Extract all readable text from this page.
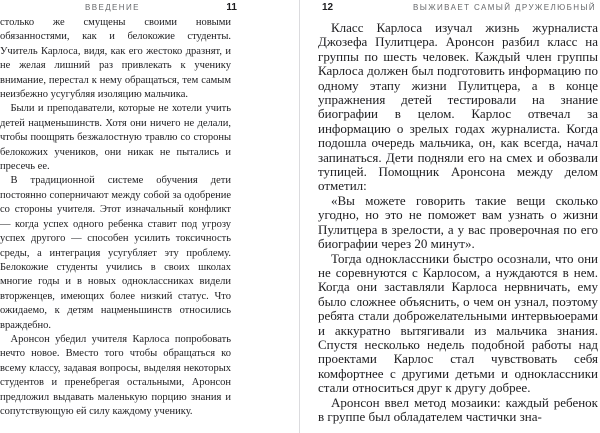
ВВЕДЕНИЕ	11

столько же смущены своими новыми обязанностями, как и белокожие студенты. Учитель Карлоса, видя, как его жестоко дразнят, и не желая лишний раз привлекать к ученику внимание, перестал к нему обращаться, тем самым неизбежно усугубляя изоляцию мальчика.

Были и преподаватели, которые не хотели учить детей нацменьшинств. Хотя они ничего не делали, чтобы поощрять безжалостную травлю со стороны белокожих учеников, они никак не пытались и пресечь ее.

В традиционной системе обучения дети постоянно соперничают между собой за одобрение со стороны учителя. Этот изначальный конфликт — когда успех одного ребенка ставит под угрозу успех другого — способен усилить токсичность среды, а интеграция усугубляет эту проблему. Белокожие студенты учились в своих школах многие годы и в новых одноклассниках видели вторженцев, имеющих более низкий статус. Что ожидаемо, к детям нацменьшинств относились враждебно.

Аронсон убедил учителя Карлоса попробовать нечто новое. Вместо того чтобы обращаться ко всему классу, задавая вопросы, выделяя некоторых студентов и пренебрегая остальными, Аронсон предложил выдавать маленькую порцию знания и сопутствующую ей силу каждому ученику.

12	ВЫЖИВАЕТ САМЫЙ ДРУЖЕЛЮБНЫЙ

Класс Карлоса изучал жизнь журналиста Джозефа Пулитцера. Аронсон разбил класс на группы по шесть человек. Каждый член группы Карлоса должен был подготовить информацию по одному этапу жизни Пулитцера, а в конце упражнения детей тестировали на знание биографии в целом. Карлос отвечал за информацию о зрелых годах журналиста. Когда подошла очередь мальчика, он, как всегда, начал запинаться. Дети подняли его на смех и обозвали тупицей. Помощник Аронсона между делом отметил:

«Вы можете говорить такие вещи сколько угодно, но это не поможет вам узнать о жизни Пулитцера в зрелости, а у вас проверочная по его биографии через 20 минут».

Тогда одноклассники быстро осознали, что они не соревнуются с Карлосом, а нуждаются в нем. Когда они заставляли Карлоса нервничать, ему было сложнее объяснить, о чем он узнал, поэтому ребята стали доброжелательными интервьюерами и аккуратно вытягивали из мальчика знания. Спустя несколько недель подобной работы над проектами Карлос стал чувствовать себя комфортнее с другими детьми и одноклассники стали относиться друг к другу добрее.

Аронсон ввел метод мозаики: каждый ребенок в группе был обладателем частички зна-
